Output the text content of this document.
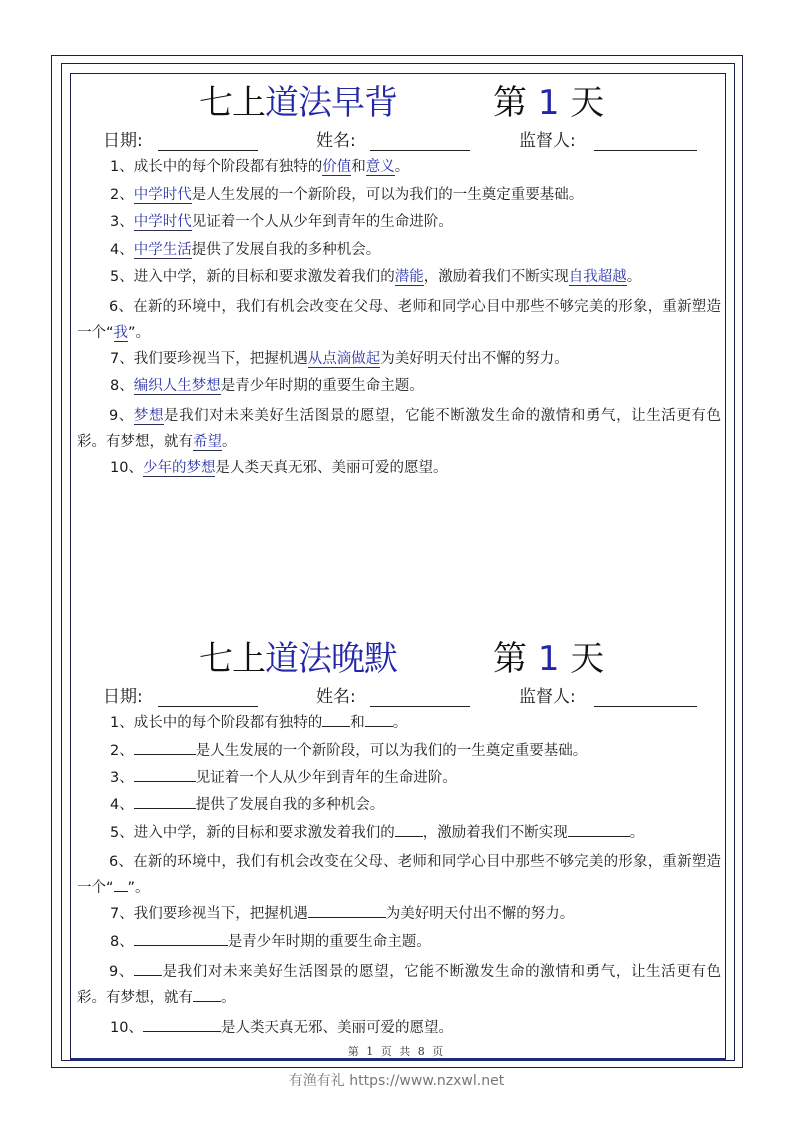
七上道法早背	第 1 天
日期:	姓名:	监督人:
1、成长中的每个阶段都有独特的价值和意义。
2、中学时代是人生发展的一个新阶段，可以为我们的一生奠定重要基础。
3、中学时代见证着一个人从少年到青年的生命进阶。
4、中学生活提供了发展自我的多种机会。
5、进入中学，新的目标和要求激发着我们的潜能，激励着我们不断实现自我超越。
6、在新的环境中，我们有机会改变在父母、老师和同学心目中那些不够完美的形象，重新塑造一个“我”。
7、我们要珍视当下，把握机遇从点滴做起为美好明天付出不懈的努力。
8、编织人生梦想是青少年时期的重要生命主题。
9、梦想是我们对未来美好生活图景的愿望，它能不断激发生命的激情和勇气，让生活更有色彩。有梦想，就有希望。
10、少年的梦想是人类天真无邪、美丽可爱的愿望。
七上道法晚默	第 1 天
日期:	姓名:	监督人:
1、成长中的每个阶段都有独特的 和 。
2、	是人生发展的一个新阶段，可以为我们的一生奠定重要基础。
3、	见证着一个人从少年到青年的生命进阶。
4、	提供了发展自我的多种机会。
5、进入中学，新的目标和要求激发着我们的 ，激励着我们不断实现	。
6、在新的环境中，我们有机会改变在父母、老师和同学心目中那些不够完美的形象，重新塑造一个“ ”。
7、我们要珍视当下，把握机遇	为美好明天付出不懈的努力。
8、	是青少年时期的重要生命主题。
9、 是我们对未来美好生活图景的愿望，它能不断激发生命的激情和勇气，让生活更有色彩。有梦想，就有 。
10、	是人类天真无邪、美丽可爱的愿望。
第 1 页 共 8 页
有渔有礼 https://www.nzxwl.net
